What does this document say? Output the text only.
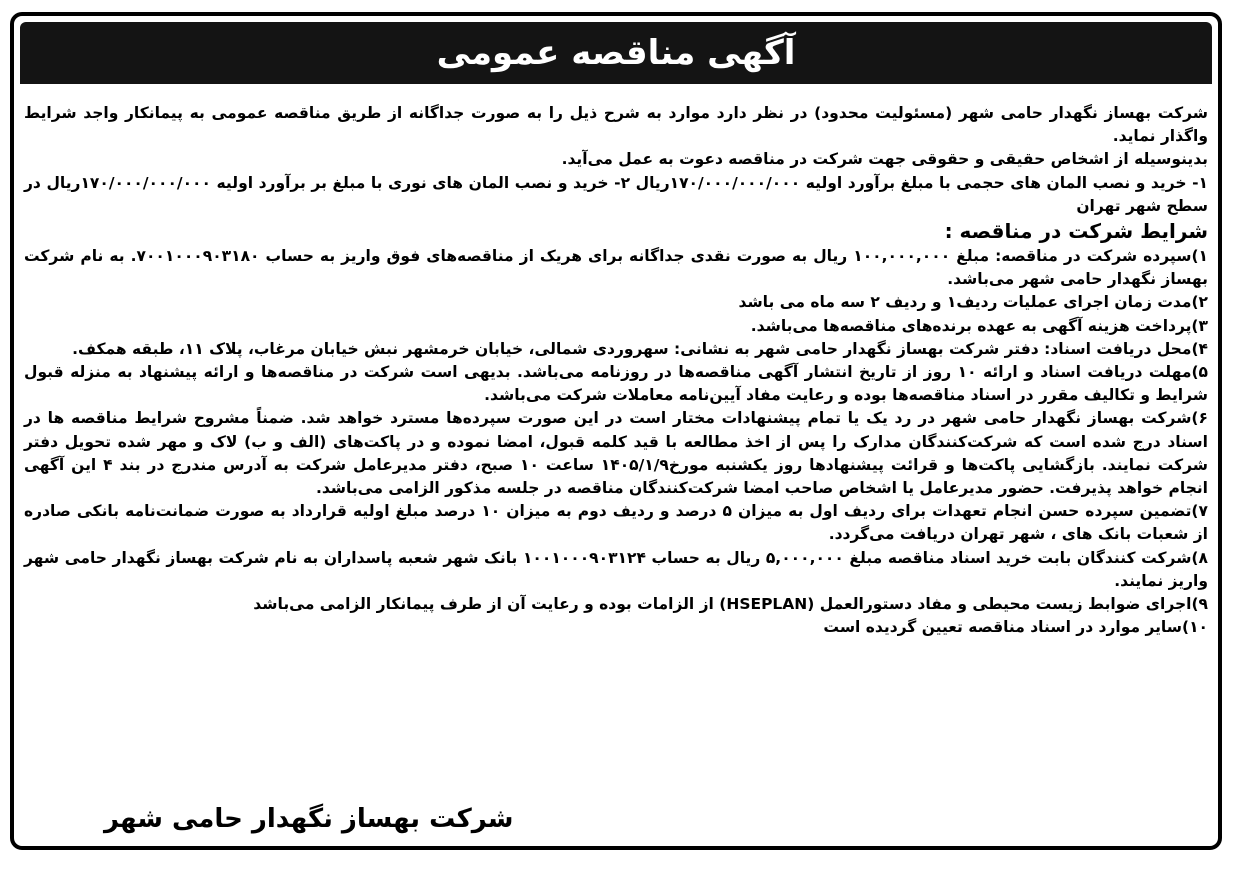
آگهی مناقصه عمومی

شرکت بهساز نگهدار حامی شهر (مسئولیت محدود) در نظر دارد موارد به شرح ذیل را به صورت جداگانه از طریق مناقصه عمومی به پیمانکار واجد شرایط واگذار نماید.

بدینوسیله از اشخاص حقیقی و حقوقی جهت شرکت در مناقصه دعوت به عمل می‌آید.

۱- خرید و نصب المان های حجمی با مبلغ برآورد اولیه ۱۷۰/۰۰۰/۰۰۰/۰۰۰ریال ۲- خرید و نصب المان های نوری با مبلغ بر برآورد اولیه ۱۷۰/۰۰۰/۰۰۰/۰۰۰ریال در سطح شهر تهران

شرایط شرکت در مناقصه :

۱)سپرده شرکت در مناقصه: مبلغ ۱۰۰,۰۰۰,۰۰۰ ریال به صورت نقدی جداگانه برای هریک از مناقصه‌های فوق واریز به حساب ۷۰۰۱۰۰۰۹۰۳۱۸۰. به نام شرکت بهساز نگهدار حامی شهر می‌باشد.

۲)مدت زمان اجرای عملیات ردیف۱ و ردیف ۲ سه ماه می باشد

۳)پرداخت هزینه آگهی به عهده برنده‌های مناقصه‌ها می‌باشد.

۴)محل دریافت اسناد: دفتر شرکت بهساز نگهدار حامی شهر به نشانی: سهروردی شمالی، خیابان خرمشهر نبش خیابان مرغاب، پلاک ۱۱، طبقه همکف.

۵)مهلت دریافت اسناد و ارائه ۱۰ روز از تاریخ انتشار آگهی مناقصه‌ها در روزنامه می‌باشد. بدیهی است شرکت در مناقصه‌ها و ارائه پیشنهاد به منزله قبول شرایط و تکالیف مقرر در اسناد مناقصه‌ها بوده و رعایت مفاد آیین‌نامه معاملات شرکت می‌باشد.

۶)شرکت بهساز نگهدار حامی شهر در رد یک یا تمام پیشنهادات مختار است در این صورت سپرده‌ها مسترد خواهد شد. ضمناً مشروح شرایط مناقصه ها در اسناد درج شده است که شرکت‌کنندگان مدارک را پس از اخذ مطالعه با قید کلمه قبول، امضا نموده و در پاکت‌های (الف و ب) لاک و مهر شده تحویل دفتر شرکت نمایند. بازگشایی پاکت‌ها و قرائت پیشنهادها روز یکشنبه مورخ۱۴۰۵/۱/۹ ساعت ۱۰ صبح، دفتر مدیرعامل شرکت به آدرس مندرج در بند ۴ این آگهی انجام خواهد پذیرفت. حضور مدیرعامل یا اشخاص صاحب امضا شرکت‌کنندگان مناقصه در جلسه مذکور الزامی می‌باشد.

۷)تضمین سپرده حسن انجام تعهدات برای ردیف اول به میزان ۵ درصد و ردیف دوم به میزان ۱۰ درصد مبلغ اولیه قرارداد به صورت ضمانت‌نامه بانکی صادره از شعبات بانک های ، شهر تهران دریافت می‌گردد.

۸)شرکت کنندگان بابت خرید اسناد مناقصه مبلغ ۵,۰۰۰,۰۰۰ ریال به حساب ۱۰۰۱۰۰۰۹۰۳۱۲۴ بانک شهر شعبه پاسداران به نام شرکت بهساز نگهدار حامی شهر واریز نمایند.

۹)اجرای ضوابط زیست محیطی و مفاد دستورالعمل (HSEPLAN) از الزامات بوده و رعایت آن از طرف پیمانکار الزامی می‌باشد

۱۰)سایر موارد در اسناد مناقصه تعیین گردیده است

شرکت بهساز نگهدار حامی شهر
